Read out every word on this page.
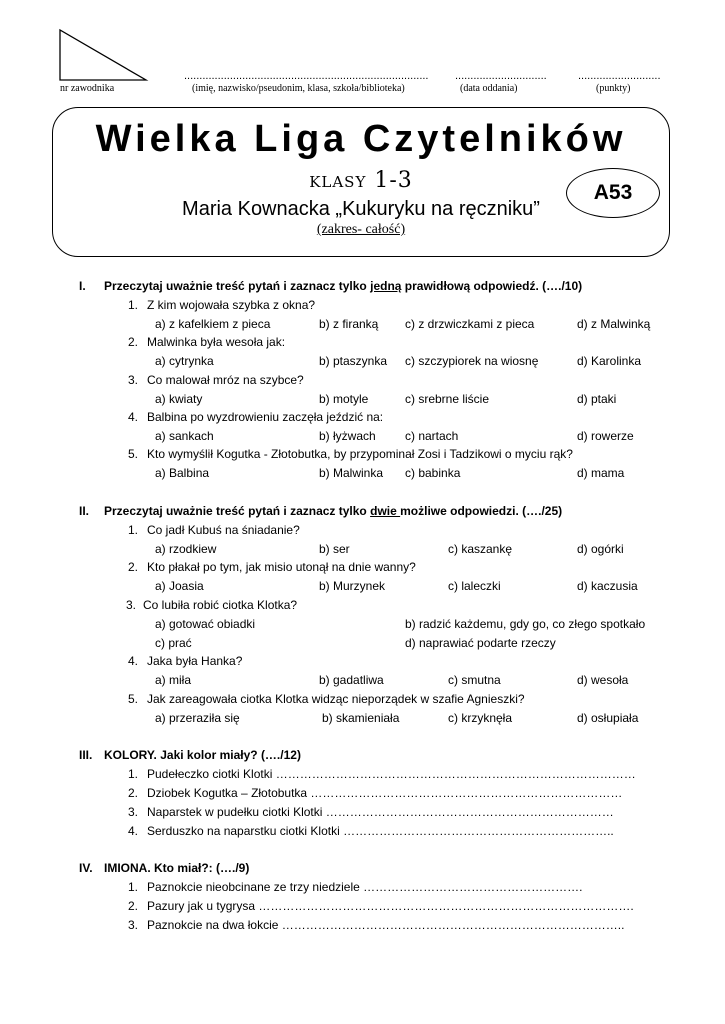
................................................................................ ..............................	...........................
nr zawodnika	(imię, nazwisko/pseudonim, klasa, szkoła/biblioteka)	(data oddania)	(punkty)
Wielka Liga Czytelników
klasy 1-3
Maria Kownacka „Kukuryku na ręczniku”
(zakres- całość)
A53
I. Przeczytaj uważnie treść pytań i zaznacz tylko jedną prawidłową odpowiedź. (…./10)
1. Z kim wojowała szybka z okna?
a) z kafelkiem z pieca	b) z firanką c) z drzwiczkami z pieca	d) z Malwinką
2. Malwinka była wesoła jak:
a) cytrynka	b) ptaszynka c) szczypiorek na wiosnę	d) Karolinka
3. Co malował mróz na szybce?
a) kwiaty	b) motyle	c) srebrne liście	d) ptaki
4. Balbina po wyzdrowieniu zaczęła jeździć na:
a) sankach	b) łyżwach c) nartach	d) rowerze
5. Kto wymyślił Kogutka - Złotobutka, by przypominał Zosi i Tadzikowi o myciu rąk?
a) Balbina	b) Malwinka c) babinka	d) mama
II. Przeczytaj uważnie treść pytań i zaznacz tylko dwie możliwe odpowiedzi. (…./25)
1. Co jadł Kubuś na śniadanie?
a) rzodkiew	b) ser	c) kaszankę	d) ogórki
2. Kto płakał po tym, jak misio utonął na dnie wanny?
a) Joasia	b) Murzynek	c) laleczki	d) kaczusia
3. Co lubiła robić ciotka Klotka?
a) gotować obiadki	b) radzić każdemu, gdy go, co złego spotkało
c) prać	d) naprawiać podarte rzeczy
4. Jaka była Hanka?
a) miła	b) gadatliwa	c) smutna	d) wesoła
5. Jak zareagowała ciotka Klotka widząc nieporządek w szafie Agnieszki?
a) przeraziła się	b) skamieniała	c) krzyknęła	d) osłupiała
III. KOLORY. Jaki kolor miały? (…./12)
1. Pudełeczko ciotki Klotki ………………………………………………………………………………
2. Dziobek Kogutka – Złotobutka ……………………………………………………………………
3. Naparstek w pudełku ciotki Klotki ………………………………………………………………
4. Serduszko na naparstku ciotki Klotki …………………………………………………………..
IV. IMIONA. Kto miał?: (…./9)
1. Paznokcie nieobcinane ze trzy niedziele ……………………………………………….
2. Pazury jak u tygrysa ………………………………………………………………………………….
3. Paznokcie na dwa łokcie …………………………………………………………………………..
